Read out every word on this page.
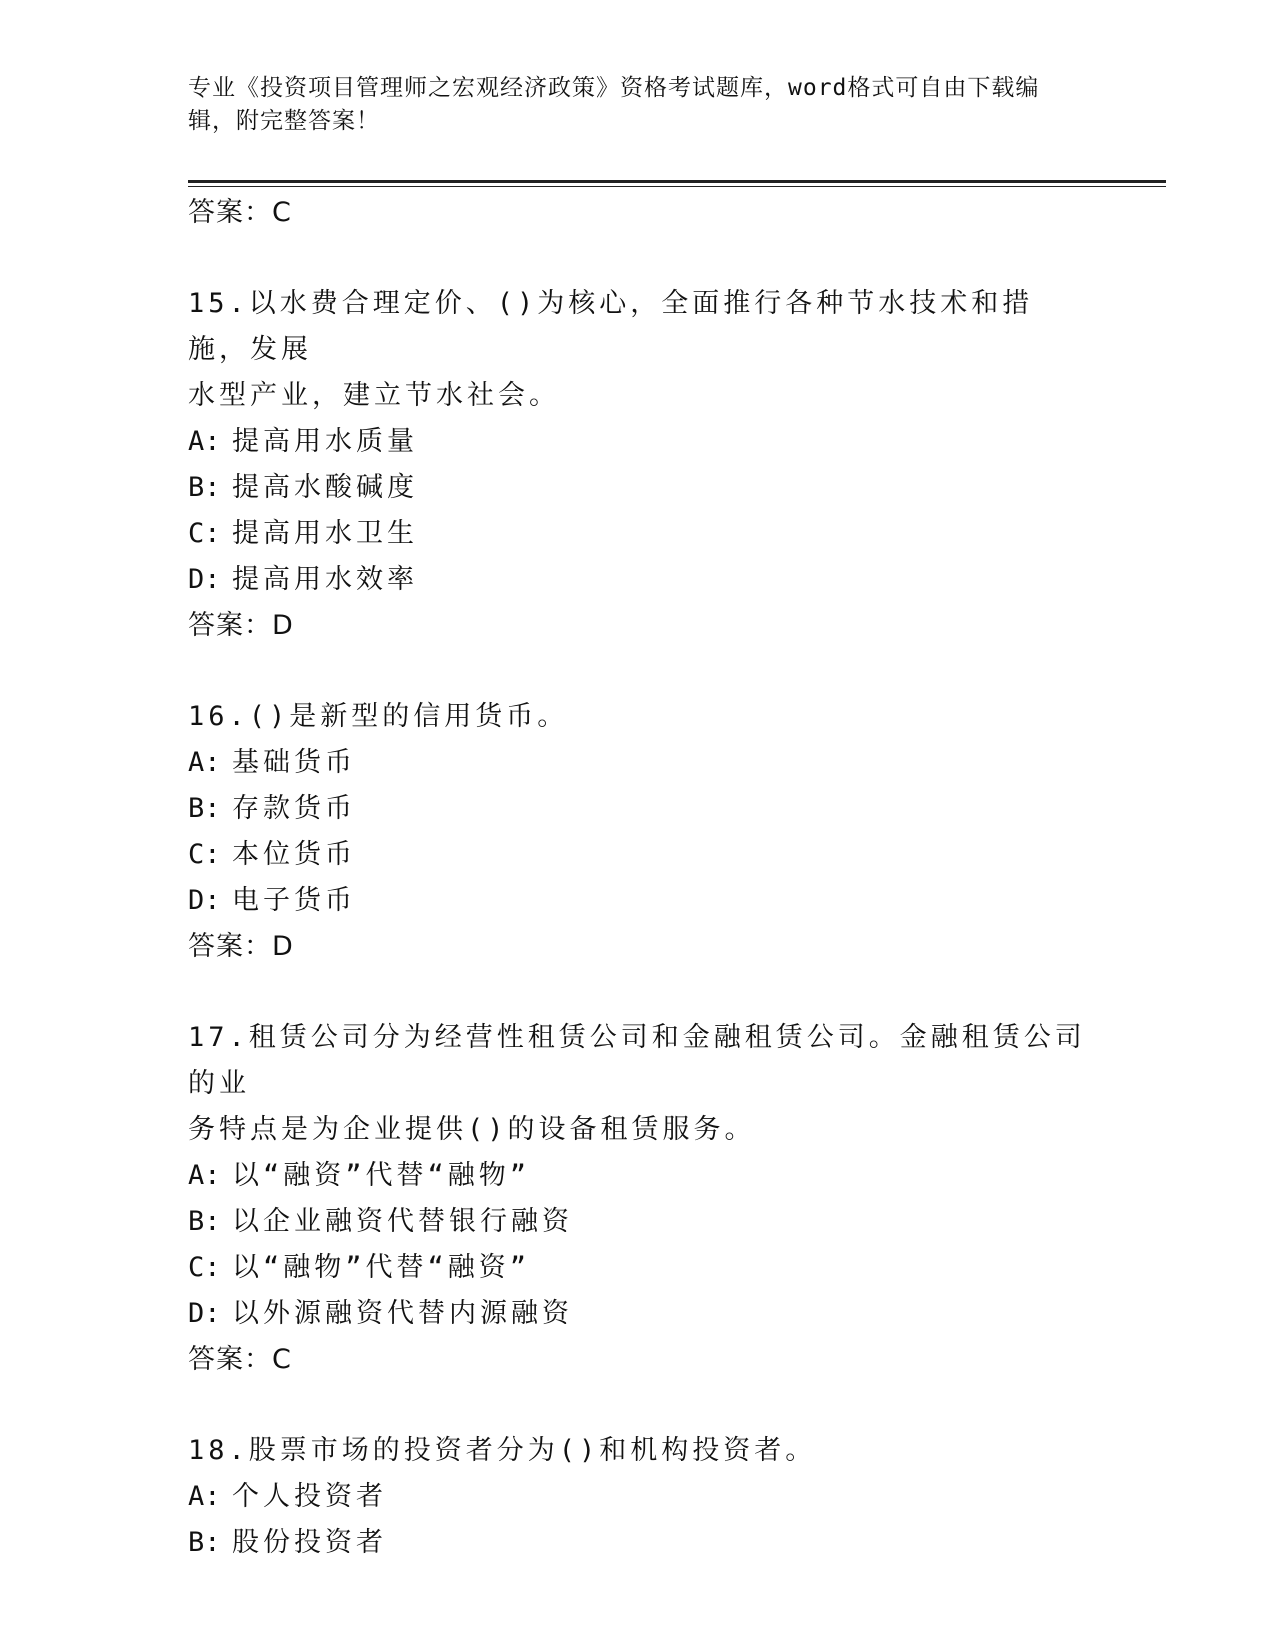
专业《投资项目管理师之宏观经济政策》资格考试题库，word格式可自由下载编
辑，附完整答案！
答案：C
15.以水费合理定价、()为核心，全面推行各种节水技术和措施，发展
水型产业，建立节水社会。
A: 提高用水质量
B: 提高水酸碱度
C: 提高用水卫生
D: 提高用水效率
答案：D
16.()是新型的信用货币。
A: 基础货币
B: 存款货币
C: 本位货币
D: 电子货币
答案：D
17.租赁公司分为经营性租赁公司和金融租赁公司。金融租赁公司的业
务特点是为企业提供()的设备租赁服务。
A: 以“融资”代替“融物”
B: 以企业融资代替银行融资
C: 以“融物”代替“融资”
D: 以外源融资代替内源融资
答案：C
18.股票市场的投资者分为()和机构投资者。
A: 个人投资者
B: 股份投资者
